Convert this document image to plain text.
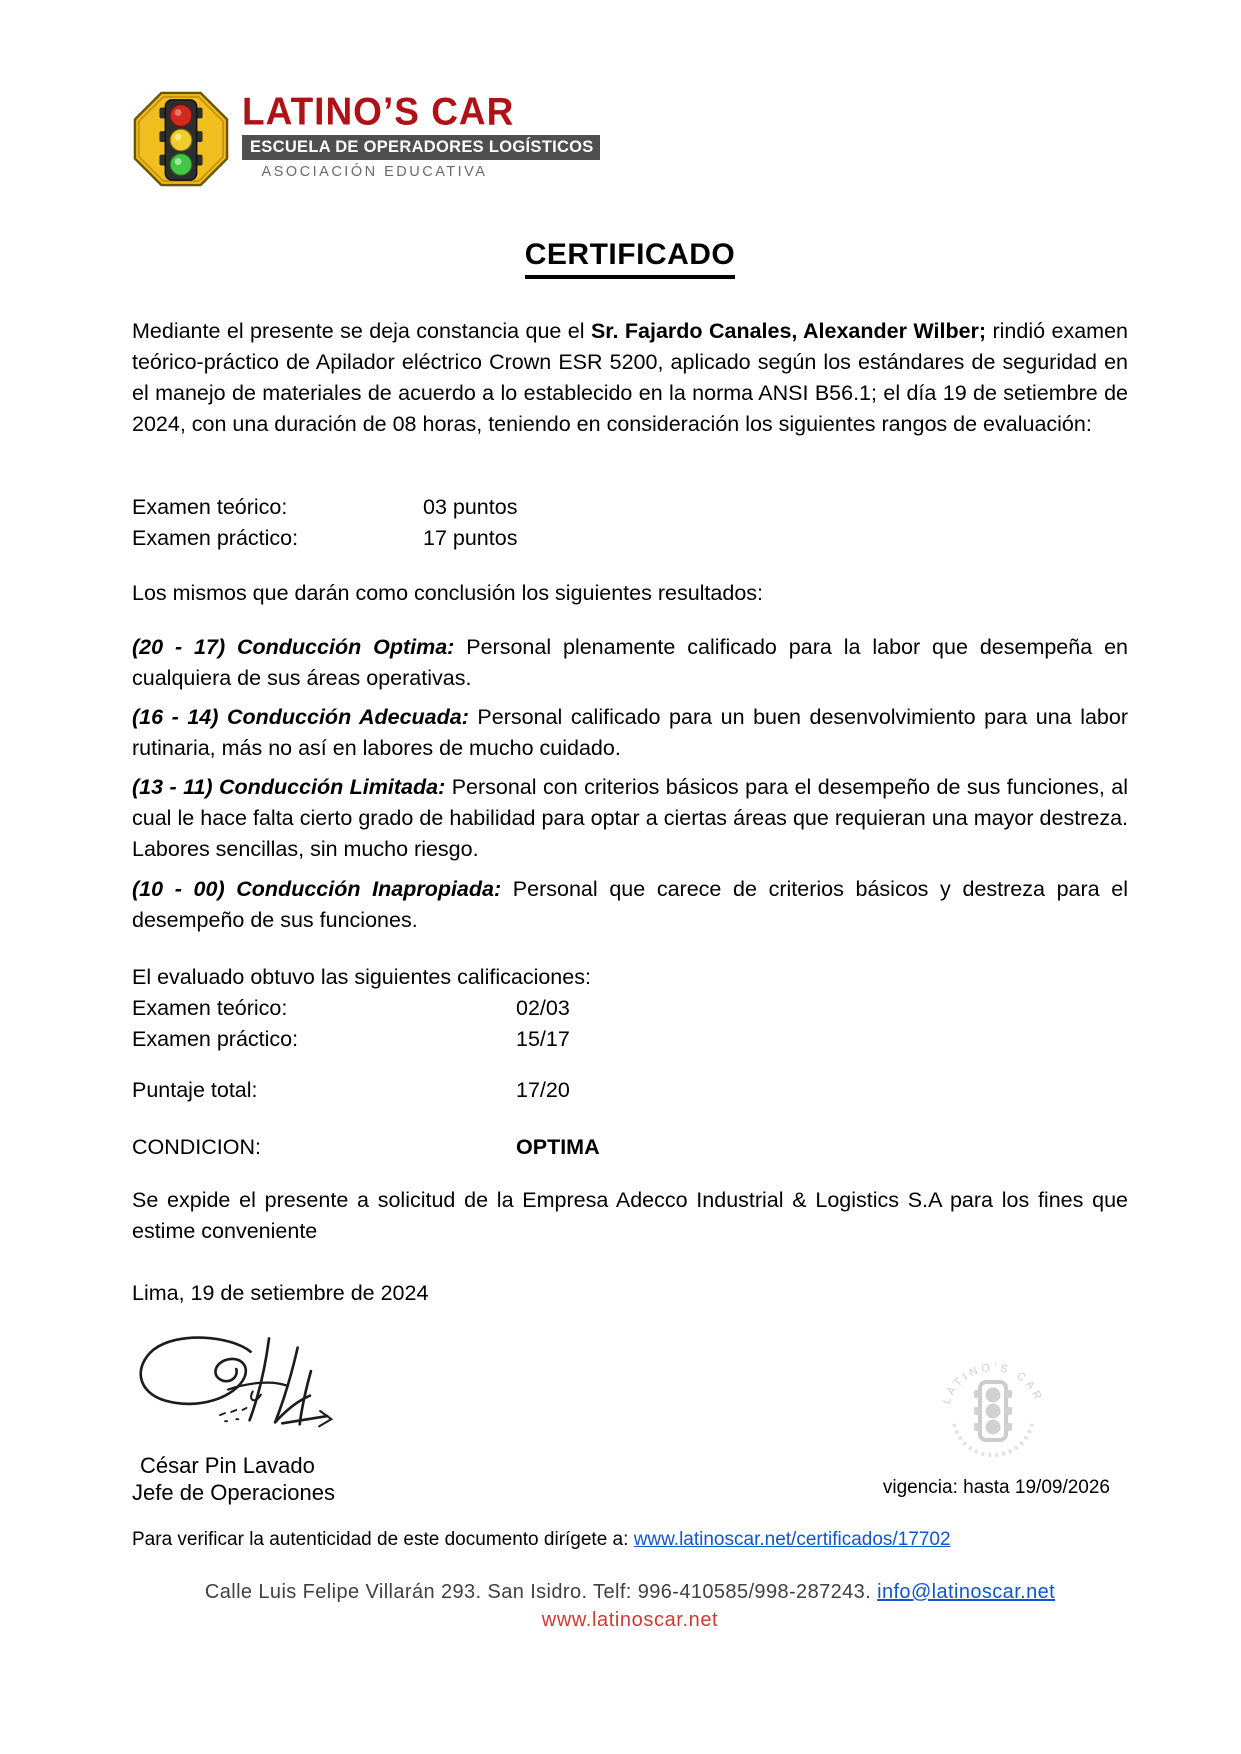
LATINO’S CAR
ESCUELA DE OPERADORES LOGÍSTICOS
ASOCIACIÓN EDUCATIVA
CERTIFICADO

Mediante el presente se deja constancia que el Sr. Fajardo Canales, Alexander Wilber; rindió examen teórico-práctico de Apilador eléctrico Crown ESR 5200, aplicado según los estándares de seguridad en el manejo de materiales de acuerdo a lo establecido en la norma ANSI B56.1; el día 19 de setiembre de 2024, con una duración de 08 horas, teniendo en consideración los siguientes rangos de evaluación:

Examen teórico:	03 puntos
Examen práctico:	17 puntos

Los mismos que darán como conclusión los siguientes resultados:

(20 - 17) Conducción Optima: Personal plenamente calificado para la labor que desempeña en cualquiera de sus áreas operativas.

(16 - 14) Conducción Adecuada: Personal calificado para un buen desenvolvimiento para una labor rutinaria, más no así en labores de mucho cuidado.

(13 - 11) Conducción Limitada: Personal con criterios básicos para el desempeño de sus funciones, al cual le hace falta cierto grado de habilidad para optar a ciertas áreas que requieran una mayor destreza. Labores sencillas, sin mucho riesgo.

(10 - 00) Conducción Inapropiada: Personal que carece de criterios básicos y destreza para el desempeño de sus funciones.

El evaluado obtuvo las siguientes calificaciones:

Examen teórico:	02/03
Examen práctico:	15/17
Puntaje total:	17/20
CONDICION:	OPTIMA

Se expide el presente a solicitud de la Empresa Adecco Industrial & Logistics S.A para los fines que estime conveniente

Lima, 19 de setiembre de 2024

César Pin Lavado
Jefe de Operaciones
LATINO’S CAR
vigencia: hasta 19/09/2026
Para verificar la autenticidad de este documento dirígete a: www.latinoscar.net/certificados/17702
Calle Luis Felipe Villarán 293. San Isidro. Telf: 996-410585/998-287243. info@latinoscar.net
www.latinoscar.net
